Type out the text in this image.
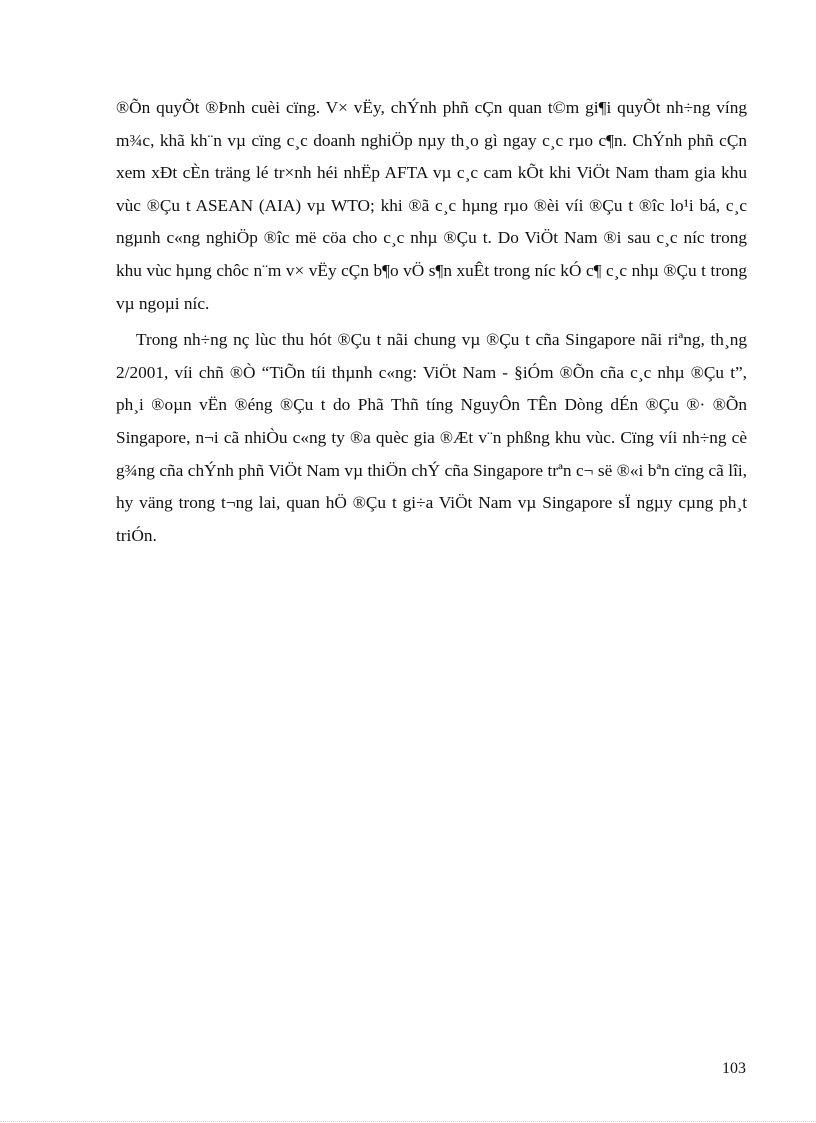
®Õn quyÕt ®Þnh cuèi cïng. V× vËy, chÝnh phñ cÇn quan t©m gi¶i quyÕt nh÷ng víng m¾c, khã kh¨n vµ cïng c¸c doanh nghiÖp nµy th¸o gì ngay c¸c rµo c¶n. ChÝnh phñ cÇn xem xÐt cÈn träng lé tr×nh héi nhËp AFTA vµ c¸c cam kÕt khi ViÖt Nam tham gia khu vùc ®Çu t ASEAN (AIA) vµ WTO; khi ®ã c¸c hµng rµo ®èi víi ®Çu t ®îc lo¹i bá, c¸c ngµnh c«ng nghiÖp ®îc më cöa cho c¸c nhµ ®Çu t. Do ViÖt Nam ®i sau c¸c níc trong khu vùc hµng chôc n¨m v× vËy cÇn b¶o vÖ s¶n xuÊt trong níc kÓ c¶ c¸c nhµ ®Çu t trong vµ ngoµi níc.

Trong nh÷ng nç lùc thu hót ®Çu t nãi chung vµ ®Çu t cña Singapore nãi riªng, th¸ng 2/2001, víi chñ ®Ò “TiÕn tíi thµnh c«ng: ViÖt Nam - §iÓm ®Õn cña c¸c nhµ ®Çu t”, ph¸i ®oµn vËn ®éng ®Çu t do Phã Thñ tíng NguyÔn TÊn Dòng dÉn ®Çu ®· ®Õn Singapore, n¬i cã nhiÒu c«ng ty ®a quèc gia ®Æt v¨n phßng khu vùc. Cïng víi nh÷ng cè g¾ng cña chÝnh phñ ViÖt Nam vµ thiÖn chÝ cña Singapore trªn c¬ së ®«i bªn cïng cã lîi, hy väng trong t¬ng lai, quan hÖ ®Çu t gi÷a ViÖt Nam vµ Singapore sÏ ngµy cµng ph¸t triÓn.

103
